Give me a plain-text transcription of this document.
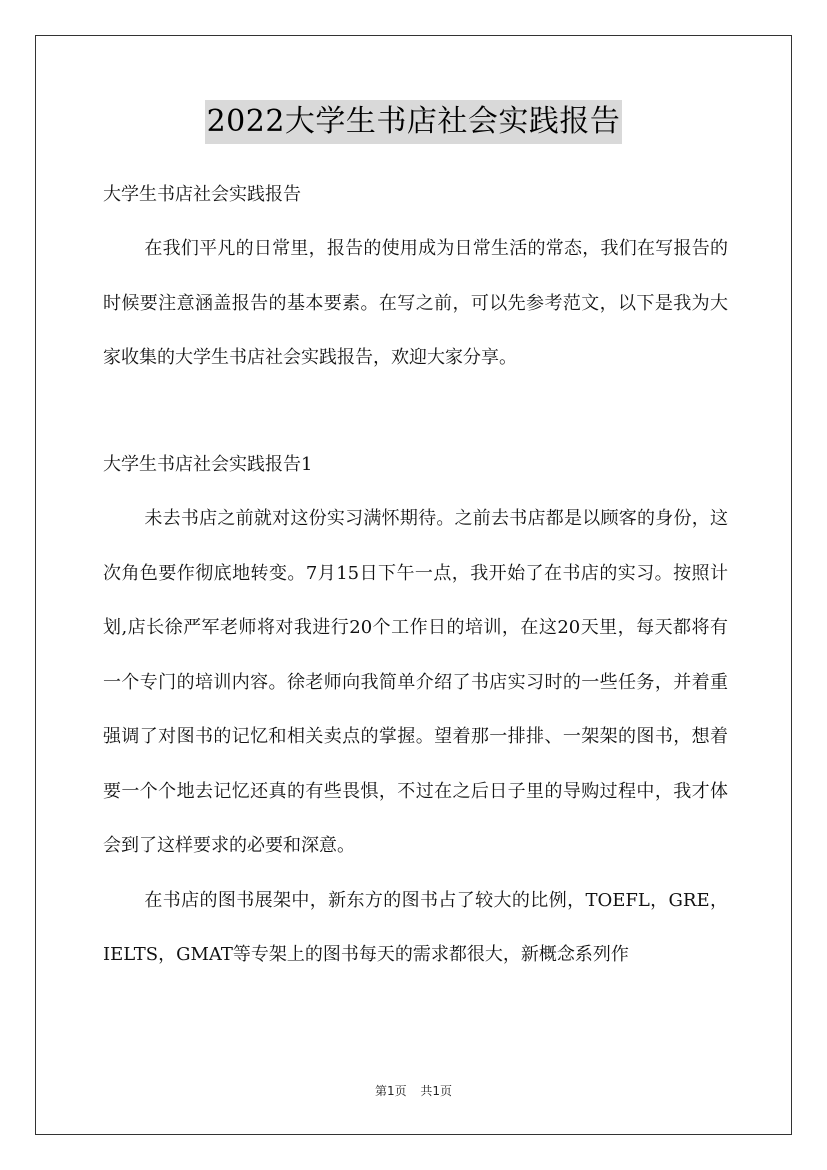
2022大学生书店社会实践报告
大学生书店社会实践报告

在我们平凡的日常里，报告的使用成为日常生活的常态，我们在写报告的时候要注意涵盖报告的基本要素。在写之前，可以先参考范文，以下是我为大家收集的大学生书店社会实践报告，欢迎大家分享。

大学生书店社会实践报告1

未去书店之前就对这份实习满怀期待。之前去书店都是以顾客的身份，这次角色要作彻底地转变。7月15日下午一点，我开始了在书店的实习。按照计划,店长徐严军老师将对我进行20个工作日的培训，在这20天里，每天都将有一个专门的培训内容。徐老师向我简单介绍了书店实习时的一些任务，并着重强调了对图书的记忆和相关卖点的掌握。望着那一排排、一架架的图书，想着要一个个地去记忆还真的有些畏惧，不过在之后日子里的导购过程中，我才体会到了这样要求的必要和深意。

在书店的图书展架中，新东方的图书占了较大的比例，TOEFL，GRE，IELTS，GMAT等专架上的图书每天的需求都很大，新概念系列作

第1页 共1页
